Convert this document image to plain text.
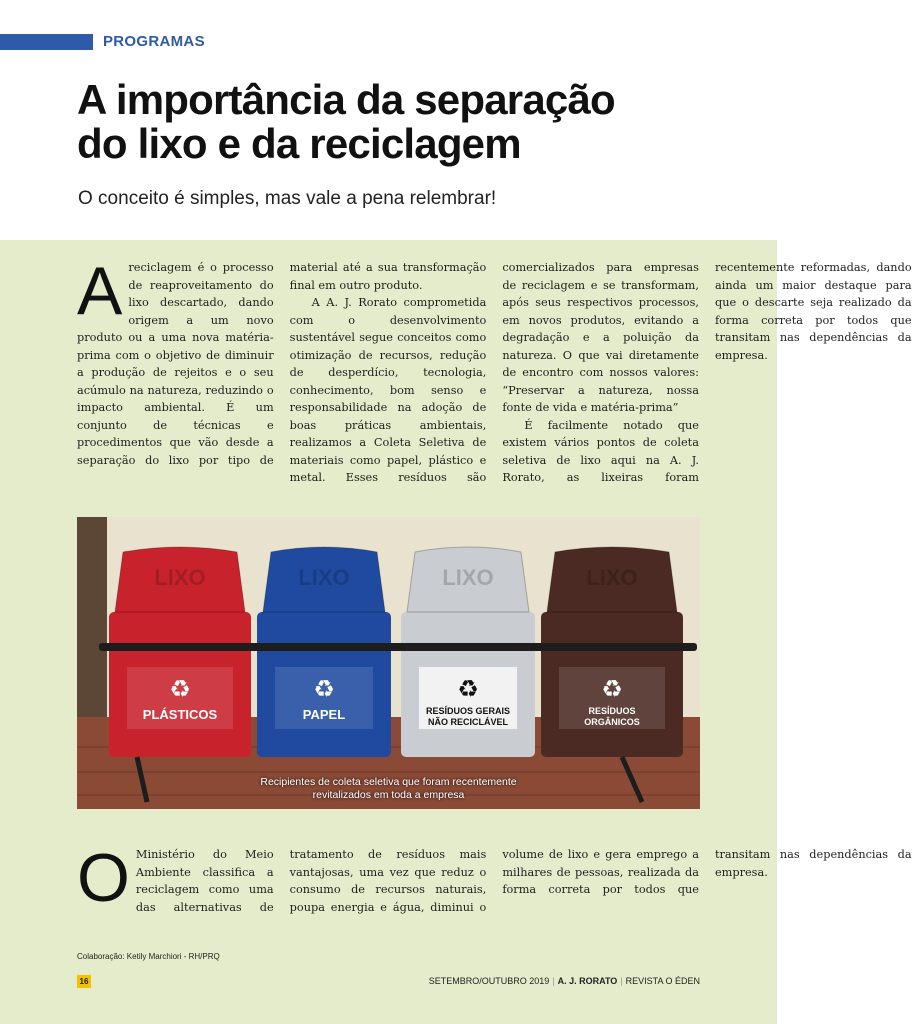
PROGRAMAS
A importância da separação
do lixo e da reciclagem
O conceito é simples, mas vale a pena relembrar!
A reciclagem é o processo de reaproveitamento do lixo descartado, dando origem a um novo produto ou a uma nova matéria-prima com o objetivo de diminuir a produção de rejeitos e o seu acúmulo na natureza, reduzindo o impacto ambiental. É um conjunto de técnicas e procedimentos que vão desde a separação do lixo por tipo de material até a sua transformação final em outro produto.

A A. J. Rorato comprometida com o desenvolvimento sustentável segue conceitos como otimização de recursos, redução de desperdício, tecnologia, conhecimento, bom senso e responsabilidade na adoção de boas práticas ambientais, realizamos a Coleta Seletiva de materiais como papel, plástico e metal. Esses resíduos são comercializados para empresas de reciclagem e se transformam, após seus respectivos processos, em novos produtos, evitando a degradação e a poluição da natureza. O que vai diretamente de encontro com nossos valores: “Preservar a natureza, nossa fonte de vida e matéria-prima”

É facilmente notado que existem vários pontos de coleta seletiva de lixo aqui na A. J. Rorato, as lixeiras foram recentemente reformadas, dando ainda um maior destaque para que o descarte seja realizado da forma correta por todos que transitam nas dependências da empresa.

LIXO
♻
PLÁSTICOS
LIXO
♻
PAPEL
LIXO
♻
RESÍDUOS GERAIS
NÃO RECICLÁVEL
LIXO
♻
RESÍDUOS
ORGÂNICOS
Recipientes de coleta seletiva que foram recentemente
revitalizados em toda a empresa
O Ministério do Meio Ambiente classifica a reciclagem como uma das alternativas de tratamento de resíduos mais vantajosas, uma vez que reduz o consumo de recursos naturais, poupa energia e água, diminui o volume de lixo e gera emprego a milhares de pessoas, realizada da forma correta por todos que transitam nas dependências da empresa.

Colaboração: Ketily Marchiori - RH/PRQ
16	SETEMBRO/OUTUBRO 2019 | A. J. RORATO | REVISTA O ÉDEN
